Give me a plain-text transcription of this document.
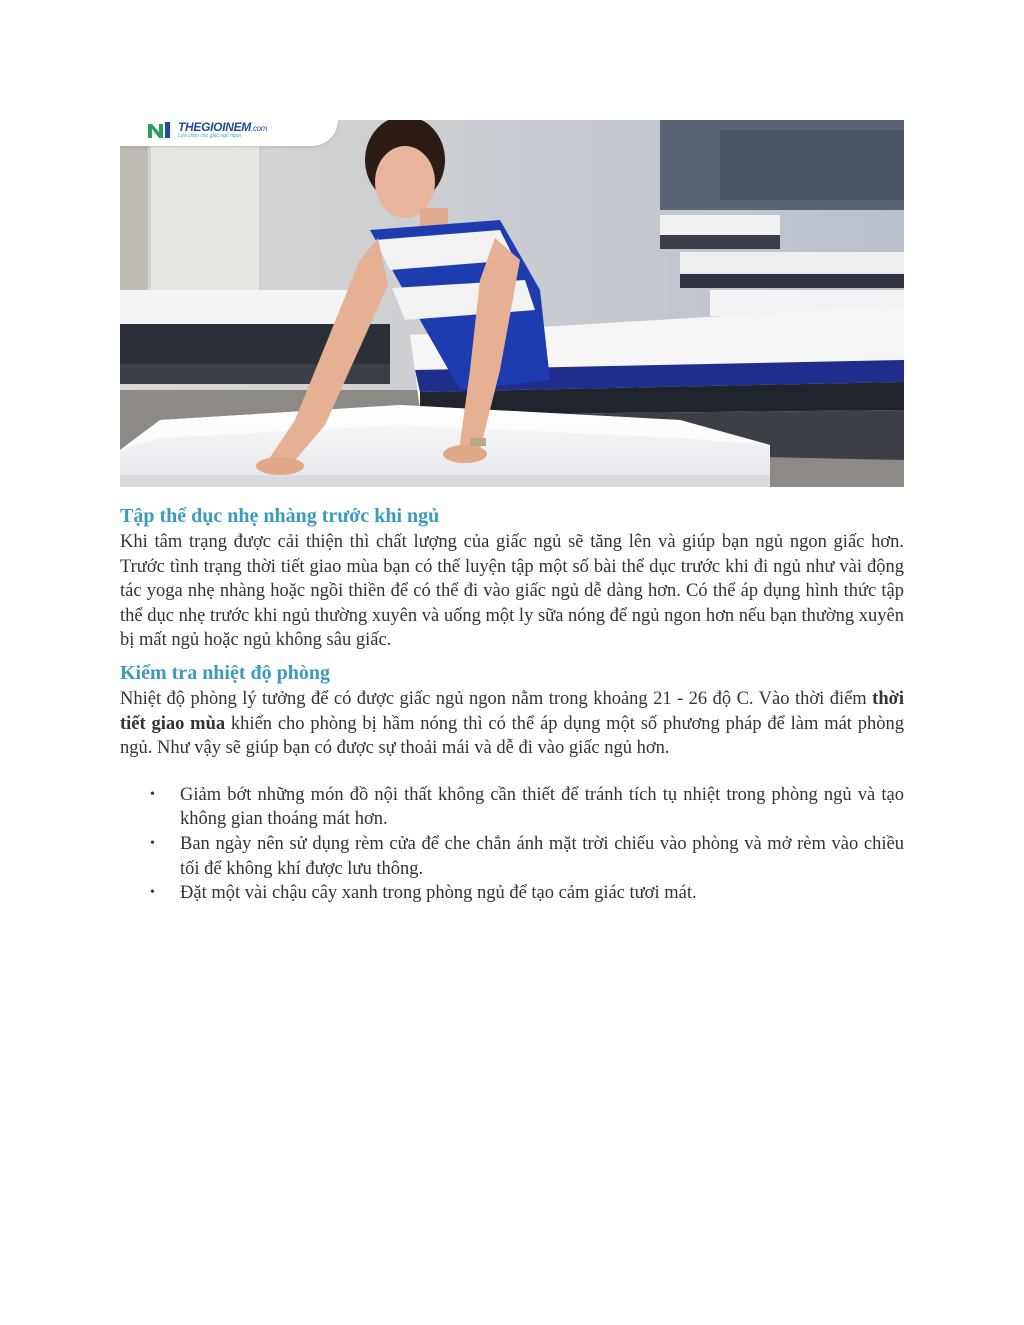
THEGIOINEM.com
Lựa chọn cho giấc ngủ ngon
Tập thể dục nhẹ nhàng trước khi ngủ

Khi tâm trạng được cải thiện thì chất lượng của giấc ngủ sẽ tăng lên và giúp bạn ngủ ngon giấc hơn. Trước tình trạng thời tiết giao mùa bạn có thể luyện tập một số bài thể dục trước khi đi ngủ như vài động tác yoga nhẹ nhàng hoặc ngồi thiền để có thể đi vào giấc ngủ dễ dàng hơn. Có thể áp dụng hình thức tập thể dục nhẹ trước khi ngủ thường xuyên và uống một ly sữa nóng để ngủ ngon hơn nếu bạn thường xuyên bị mất ngủ hoặc ngủ không sâu giấc.

Kiểm tra nhiệt độ phòng

Nhiệt độ phòng lý tưởng để có được giấc ngủ ngon nằm trong khoảng 21 - 26 độ C. Vào thời điểm thời tiết giao mùa khiến cho phòng bị hầm nóng thì có thể áp dụng một số phương pháp để làm mát phòng ngủ. Như vậy sẽ giúp bạn có được sự thoải mái và dễ đi vào giấc ngủ hơn.

• Giảm bớt những món đồ nội thất không cần thiết để tránh tích tụ nhiệt trong phòng ngủ và tạo không gian thoáng mát hơn.
• Ban ngày nên sử dụng rèm cửa để che chắn ánh mặt trời chiếu vào phòng và mở rèm vào chiều tối để không khí được lưu thông.
• Đặt một vài chậu cây xanh trong phòng ngủ để tạo cảm giác tươi mát.
